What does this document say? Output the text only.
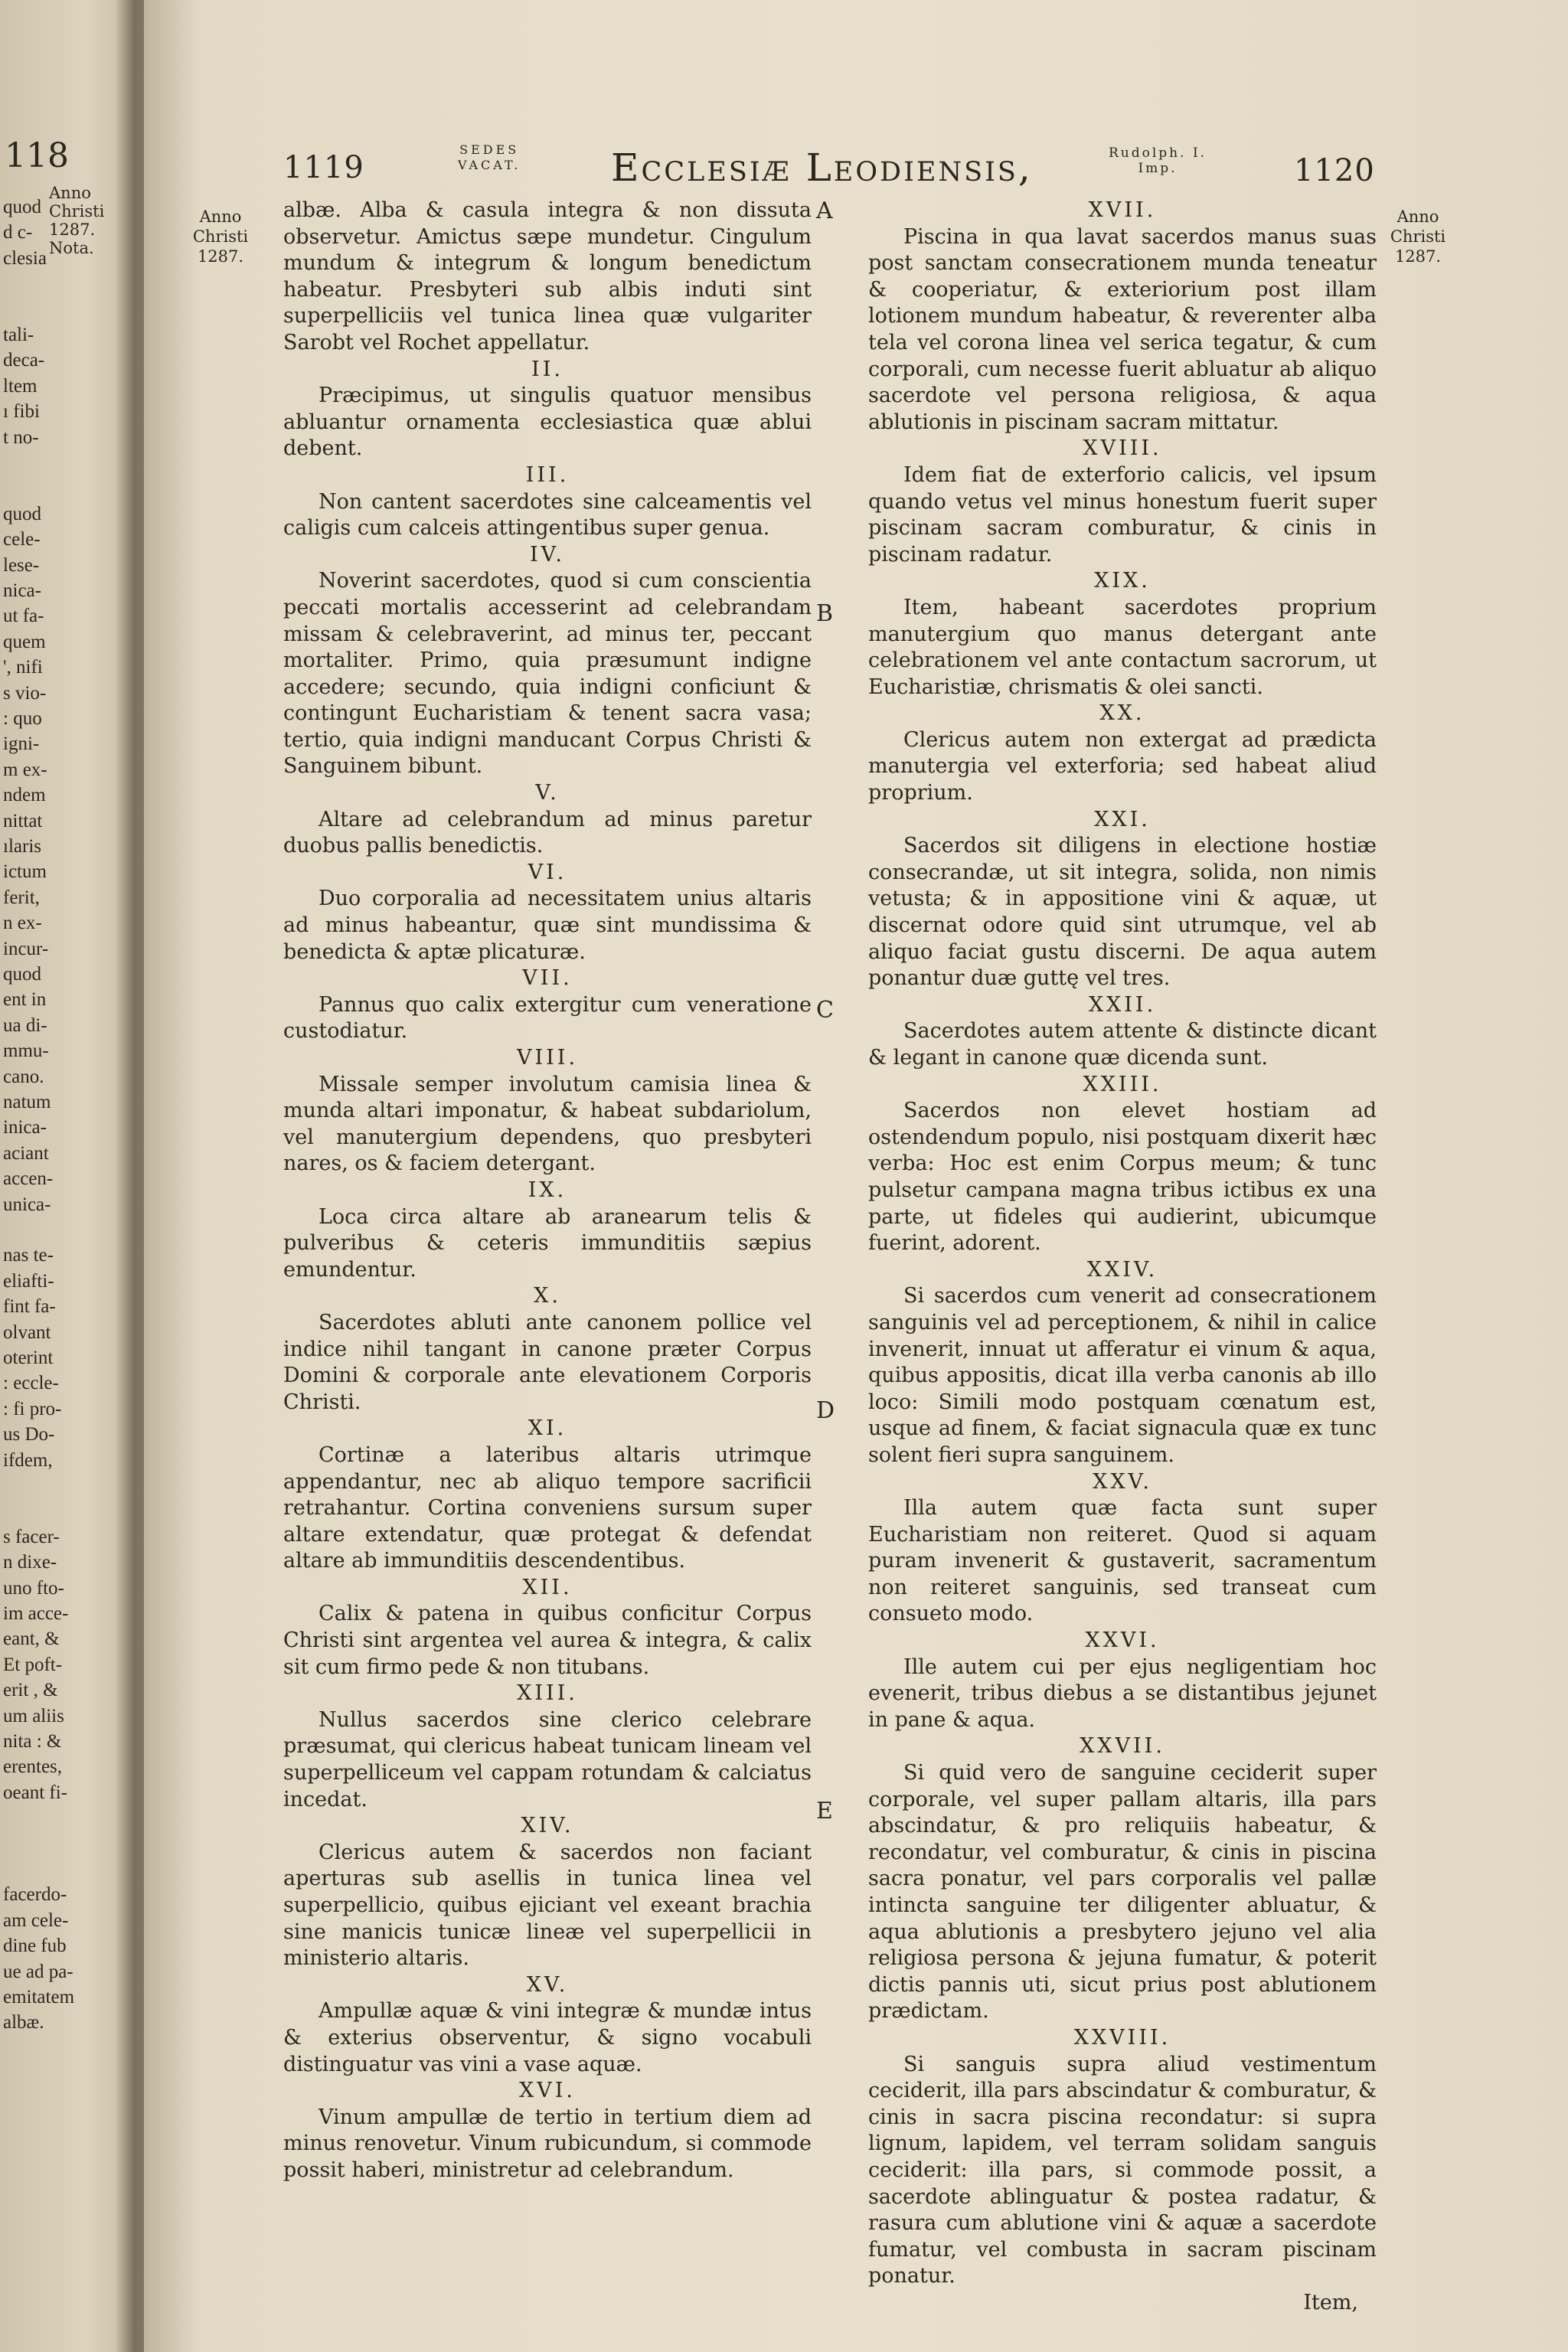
118
Anno Christi 1287. Nota.
quod
d c-
clesia
tali-
deca-
ltem
ı fibi
t no-
quod
cele-
lese-
nica-
ut fa-
quem
', nifi
s vio-
: quo
igni-
m ex-
ndem
nittat
ılaris
ictum
ferit,
n ex-
incur-
quod
ent in
ua di-
mmu-
cano.
natum
inica-
aciant
accen-
unica-
nas te-
eliafti-
fint fa-
olvant
oterint
: eccle-
: fi pro-
us Do-
ifdem,
s facer-
n dixe-
uno fto-
im acce-
eant, &
Et poft-
erit , &
um aliis
nita : &
erentes,
oeant fi-
facerdo-
am cele-
dine fub
ue ad pa-
emitatem
albæ.
1119
SEDES
VACAT. Ecclesiæ Leodiensis,	Rudolph. I.
Imp.	1120
Anno
Christi
1287.
Anno
Christi
1287.
A
B
C
D
E

albæ. Alba & casula integra & non dissuta observetur. Amictus sæpe mundetur. Cingulum mundum & integrum & longum benedictum habeatur. Presbyteri sub albis induti sint superpelliciis vel tunica linea quæ vulgariter Sarobt vel Rochet appellatur.

II.

Præcipimus, ut singulis quatuor mensibus abluantur ornamenta ecclesiastica quæ ablui debent.

III.

Non cantent sacerdotes sine calceamentis vel caligis cum calceis attingentibus super genua.

IV.

Noverint sacerdotes, quod si cum conscientia peccati mortalis accesserint ad celebrandam missam & celebraverint, ad minus ter, peccant mortaliter. Primo, quia præsumunt indigne accedere; secundo, quia indigni conficiunt & contingunt Eucharistiam & tenent sacra vasa; tertio, quia indigni manducant Corpus Christi & Sanguinem bibunt.

V.

Altare ad celebrandum ad minus paretur duobus pallis benedictis.

VI.

Duo corporalia ad necessitatem unius altaris ad minus habeantur, quæ sint mundissima & benedicta & aptæ plicaturæ.

VII.

Pannus quo calix extergitur cum veneratione custodiatur.

VIII.

Missale semper involutum camisia linea & munda altari imponatur, & habeat subdariolum, vel manutergium dependens, quo presbyteri nares, os & faciem detergant.

IX.

Loca circa altare ab aranearum telis & pulveribus & ceteris immunditiis sæpius emundentur.

X.

Sacerdotes abluti ante canonem pollice vel indice nihil tangant in canone præter Corpus Domini & corporale ante elevationem Corporis Christi.

XI.

Cortinæ a lateribus altaris utrimque appendantur, nec ab aliquo tempore sacrificii retrahantur. Cortina conveniens sursum super altare extendatur, quæ protegat & defendat altare ab immunditiis descendentibus.

XII.

Calix & patena in quibus conficitur Corpus Christi sint argentea vel aurea & integra, & calix sit cum firmo pede & non titubans.

XIII.

Nullus sacerdos sine clerico celebrare præsumat, qui clericus habeat tunicam lineam vel superpelliceum vel cappam rotundam & calciatus incedat.

XIV.

Clericus autem & sacerdos non faciant aperturas sub asellis in tunica linea vel superpellicio, quibus ejiciant vel exeant brachia sine manicis tunicæ lineæ vel superpellicii in ministerio altaris.

XV.

Ampullæ aquæ & vini integræ & mundæ intus & exterius observentur, & signo vocabuli distinguatur vas vini a vase aquæ.

XVI.

Vinum ampullæ de tertio in tertium diem ad minus renovetur. Vinum rubicundum, si commode possit haberi, ministretur ad celebrandum.

XVII.

Piscina in qua lavat sacerdos manus suas post sanctam consecrationem munda teneatur & cooperiatur, & exteriorium post illam lotionem mundum habeatur, & reverenter alba tela vel corona linea vel serica tegatur, & cum corporali, cum necesse fuerit abluatur ab aliquo sacerdote vel persona religiosa, & aqua ablutionis in piscinam sacram mittatur.

XVIII.

Idem fiat de exterforio calicis, vel ipsum quando vetus vel minus honestum fuerit super piscinam sacram comburatur, & cinis in piscinam radatur.

XIX.

Item, habeant sacerdotes proprium manutergium quo manus detergant ante celebrationem vel ante contactum sacrorum, ut Eucharistiæ, chrismatis & olei sancti.

XX.

Clericus autem non extergat ad prædicta manutergia vel exterforia; sed habeat aliud proprium.

XXI.

Sacerdos sit diligens in electione hostiæ consecrandæ, ut sit integra, solida, non nimis vetusta; & in appositione vini & aquæ, ut discernat odore quid sint utrumque, vel ab aliquo faciat gustu discerni. De aqua autem ponantur duæ guttę vel tres.

XXII.

Sacerdotes autem attente & distincte dicant & legant in canone quæ dicenda sunt.

XXIII.

Sacerdos non elevet hostiam ad ostendendum populo, nisi postquam dixerit hæc verba: Hoc est enim Corpus meum; & tunc pulsetur campana magna tribus ictibus ex una parte, ut fideles qui audierint, ubicumque fuerint, adorent.

XXIV.

Si sacerdos cum venerit ad consecrationem sanguinis vel ad perceptionem, & nihil in calice invenerit, innuat ut afferatur ei vinum & aqua, quibus appositis, dicat illa verba canonis ab illo loco: Simili modo postquam cœnatum est, usque ad finem, & faciat signacula quæ ex tunc solent fieri supra sanguinem.

XXV.

Illa autem quæ facta sunt super Eucharistiam non reiteret. Quod si aquam puram invenerit & gustaverit, sacramentum non reiteret sanguinis, sed transeat cum consueto modo.

XXVI.

Ille autem cui per ejus negligentiam hoc evenerit, tribus diebus a se distantibus jejunet in pane & aqua.

XXVII.

Si quid vero de sanguine ceciderit super corporale, vel super pallam altaris, illa pars abscindatur, & pro reliquiis habeatur, & recondatur, vel comburatur, & cinis in piscina sacra ponatur, vel pars corporalis vel pallæ intincta sanguine ter diligenter abluatur, & aqua ablutionis a presbytero jejuno vel alia religiosa persona & jejuna fumatur, & poterit dictis pannis uti, sicut prius post ablutionem prædictam.

XXVIII.

Si sanguis supra aliud vestimentum ceciderit, illa pars abscindatur & comburatur, & cinis in sacra piscina recondatur: si supra lignum, lapidem, vel terram solidam sanguis ceciderit: illa pars, si commode possit, a sacerdote ablinguatur & postea radatur, & rasura cum ablutione vini & aquæ a sacerdote fumatur, vel combusta in sacram piscinam ponatur.

Item,
